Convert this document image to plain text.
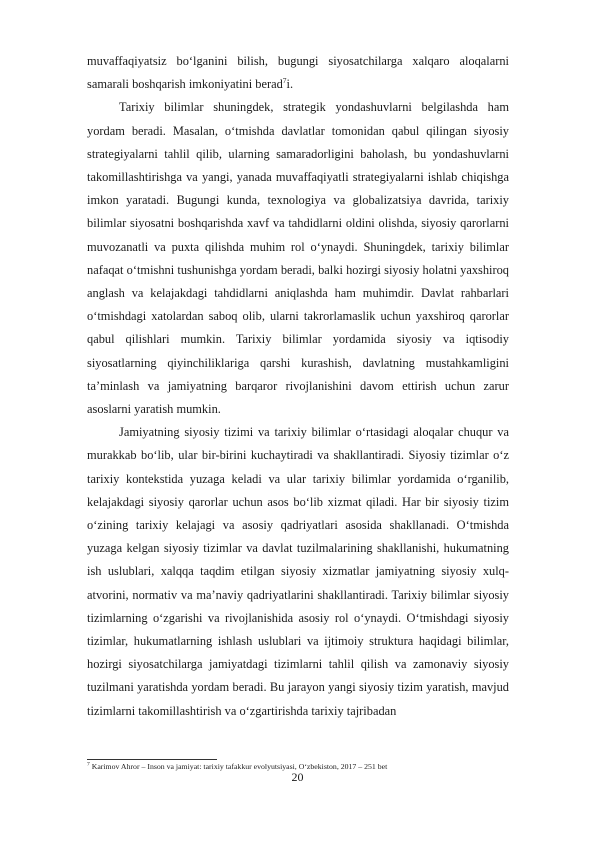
muvaffaqiyatsiz bo‘lganini bilish, bugungi siyosatchilarga xalqaro aloqalarni samarali boshqarish imkoniyatini berad$^7$i.

Tarixiy bilimlar shuningdek, strategik yondashuvlarni belgilashda ham yordam beradi. Masalan, o‘tmishda davlatlar tomonidan qabul qilingan siyosiy strategiyalarni tahlil qilib, ularning samaradorligini baholash, bu yondashuvlarni takomillashtirishga va yangi, yanada muvaffaqiyatli strategiyalarni ishlab chiqishga imkon yaratadi. Bugungi kunda, texnologiya va globalizatsiya davrida, tarixiy bilimlar siyosatni boshqarishda xavf va tahdidlarni oldini olishda, siyosiy qarorlarni muvozanatli va puxta qilishda muhim rol o‘ynaydi. Shuningdek, tarixiy bilimlar nafaqat o‘tmishni tushunishga yordam beradi, balki hozirgi siyosiy holatni yaxshiroq anglash va kelajakdagi tahdidlarni aniqlashda ham muhimdir. Davlat rahbarlari o‘tmishdagi xatolardan saboq olib, ularni takrorlamaslik uchun yaxshiroq qarorlar qabul qilishlari mumkin. Tarixiy bilimlar yordamida siyosiy va iqtisodiy siyosatlarning qiyinchiliklariga qarshi kurashish, davlatning mustahkamligini ta’minlash va jamiyatning barqaror rivojlanishini davom ettirish uchun zarur asoslarni yaratish mumkin.

Jamiyatning siyosiy tizimi va tarixiy bilimlar o‘rtasidagi aloqalar chuqur va murakkab bo‘lib, ular bir-birini kuchaytiradi va shakllantiradi. Siyosiy tizimlar o‘z tarixiy kontekstida yuzaga keladi va ular tarixiy bilimlar yordamida o‘rganilib, kelajakdagi siyosiy qarorlar uchun asos bo‘lib xizmat qiladi. Har bir siyosiy tizim o‘zining tarixiy kelajagi va asosiy qadriyatlari asosida shakllanadi. O‘tmishda yuzaga kelgan siyosiy tizimlar va davlat tuzilmalarining shakllanishi, hukumatning ish uslublari, xalqqa taqdim etilgan siyosiy xizmatlar jamiyatning siyosiy xulq-atvorini, normativ va ma’naviy qadriyatlarini shakllantiradi. Tarixiy bilimlar siyosiy tizimlarning o‘zgarishi va rivojlanishida asosiy rol o‘ynaydi. O‘tmishdagi siyosiy tizimlar, hukumatlarning ishlash uslublari va ijtimoiy struktura haqidagi bilimlar, hozirgi siyosatchilarga jamiyatdagi tizimlarni tahlil qilish va zamonaviy siyosiy tuzilmani yaratishda yordam beradi. Bu jarayon yangi siyosiy tizim yaratish, mavjud tizimlarni takomillashtirish va o‘zgartirishda tarixiy tajribadan

$^7$ Karimov Ahror – Inson va jamiyat: tarixiy tafakkur evolyutsiyasi, O‘zbekiston, 2017 – 251 bet
20
